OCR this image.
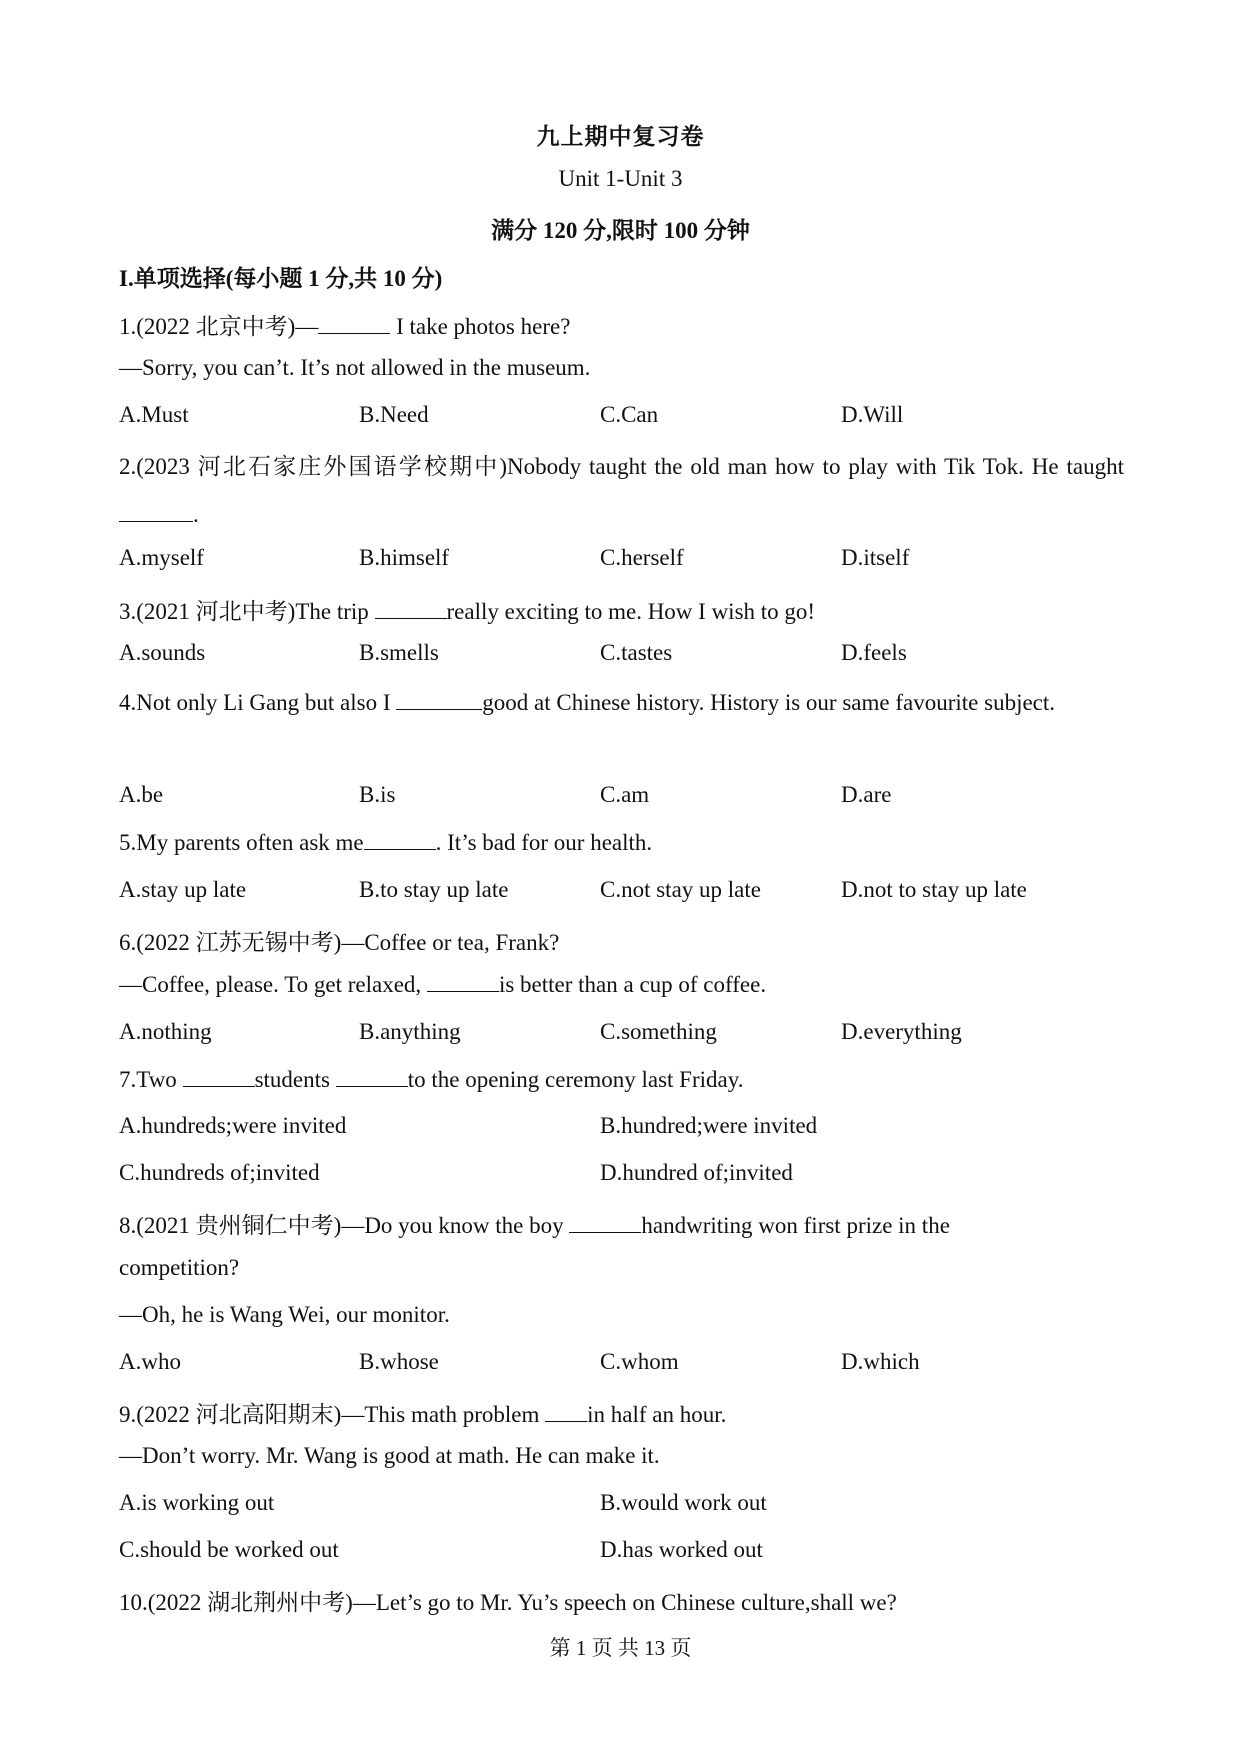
九上期中复习卷
Unit 1-Unit 3
满分 120 分,限时 100 分钟
I.单项选择(每小题 1 分,共 10 分)
1.(2022 北京中考)—	I take photos here?
—Sorry, you can’t. It’s not allowed in the museum.
A.Must	B.Need	C.Can	D.Will
2.(2023 河北石家庄外国语学校期中)Nobody taught the old man how to play with Tik Tok. He taught .
A.myself	B.himself	C.herself	D.itself
3.(2021 河北中考)The trip	really exciting to me. How I wish to go!
A.sounds	B.smells	C.tastes	D.feels
4.Not only Li Gang but also I	good at Chinese history. History is our same favourite subject.
A.be	B.is	C.am	D.are
5.My parents often ask me	. It’s bad for our health.
A.stay up late	B.to stay up late	C.not stay up late	D.not to stay up late
6.(2022 江苏无锡中考)—Coffee or tea, Frank?
—Coffee, please. To get relaxed,	is better than a cup of coffee.
A.nothing	B.anything	C.something	D.everything
7.Two	students	to the opening ceremony last Friday.
A.hundreds;were invited	B.hundred;were invited
C.hundreds of;invited	D.hundred of;invited
8.(2021 贵州铜仁中考)—Do you know the boy	handwriting won first prize in the
competition?
—Oh, he is Wang Wei, our monitor.
A.who	B.whose	C.whom	D.which
9.(2022 河北高阳期末)—This math problem in half an hour.
—Don’t worry. Mr. Wang is good at math. He can make it.
A.is working out	B.would work out
C.should be worked out	D.has worked out
10.(2022 湖北荆州中考)—Let’s go to Mr. Yu’s speech on Chinese culture,shall we?
第 1 页 共 13 页
